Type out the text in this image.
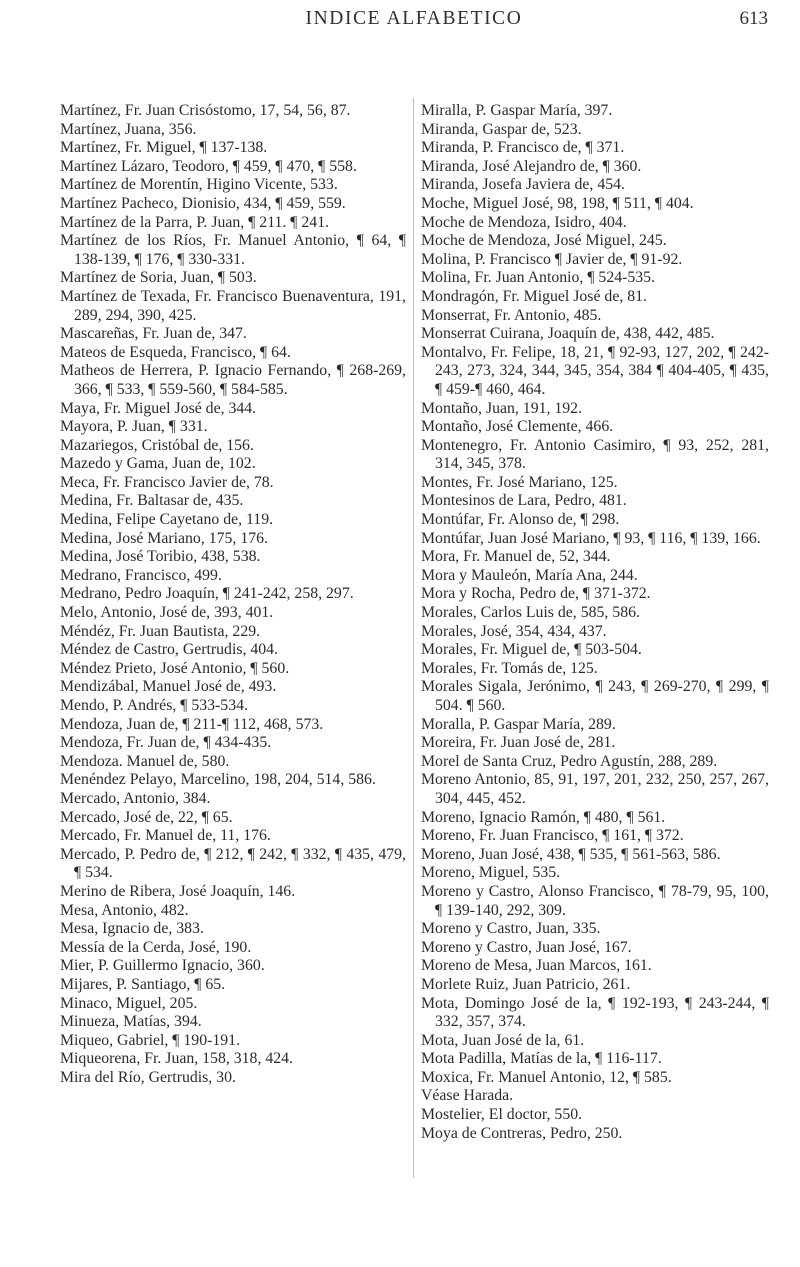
INDICE ALFABETICO	613

Martínez, Fr. Juan Crisóstomo, 17, 54, 56, 87.

Martínez, Juana, 356.

Martínez, Fr. Miguel, ¶ 137-138.

Martínez Lázaro, Teodoro, ¶ 459, ¶ 470, ¶ 558.

Martínez de Morentín, Higino Vicente, 533.

Martínez Pacheco, Dionisio, 434, ¶ 459, 559.

Martínez de la Parra, P. Juan, ¶ 211. ¶ 241.

Martínez de los Ríos, Fr. Manuel Antonio, ¶ 64, ¶ 138-139, ¶ 176, ¶ 330-331.

Martínez de Soria, Juan, ¶ 503.

Martínez de Texada, Fr. Francisco Buenaventura, 191, 289, 294, 390, 425.

Mascareñas, Fr. Juan de, 347.

Mateos de Esqueda, Francisco, ¶ 64.

Matheos de Herrera, P. Ignacio Fernando, ¶ 268-269, 366, ¶ 533, ¶ 559-560, ¶ 584-585.

Maya, Fr. Miguel José de, 344.

Mayora, P. Juan, ¶ 331.

Mazariegos, Cristóbal de, 156.

Mazedo y Gama, Juan de, 102.

Meca, Fr. Francisco Javier de, 78.

Medina, Fr. Baltasar de, 435.

Medina, Felipe Cayetano de, 119.

Medina, José Mariano, 175, 176.

Medina, José Toribio, 438, 538.

Medrano, Francisco, 499.

Medrano, Pedro Joaquín, ¶ 241-242, 258, 297.

Melo, Antonio, José de, 393, 401.

Méndéz, Fr. Juan Bautista, 229.

Méndez de Castro, Gertrudis, 404.

Méndez Prieto, José Antonio, ¶ 560.

Mendizábal, Manuel José de, 493.

Mendo, P. Andrés, ¶ 533-534.

Mendoza, Juan de, ¶ 211-¶ 112, 468, 573.

Mendoza, Fr. Juan de, ¶ 434-435.

Mendoza. Manuel de, 580.

Menéndez Pelayo, Marcelino, 198, 204, 514, 586.

Mercado, Antonio, 384.

Mercado, José de, 22, ¶ 65.

Mercado, Fr. Manuel de, 11, 176.

Mercado, P. Pedro de, ¶ 212, ¶ 242, ¶ 332, ¶ 435, 479, ¶ 534.

Merino de Ribera, José Joaquín, 146.

Mesa, Antonio, 482.

Mesa, Ignacio de, 383.

Messía de la Cerda, José, 190.

Mier, P. Guillermo Ignacio, 360.

Mijares, P. Santiago, ¶ 65.

Minaco, Miguel, 205.

Minueza, Matías, 394.

Miqueo, Gabriel, ¶ 190-191.

Miqueorena, Fr. Juan, 158, 318, 424.

Mira del Río, Gertrudis, 30.

Miralla, P. Gaspar María, 397.

Miranda, Gaspar de, 523.

Miranda, P. Francisco de, ¶ 371.

Miranda, José Alejandro de, ¶ 360.

Miranda, Josefa Javiera de, 454.

Moche, Miguel José, 98, 198, ¶ 511, ¶ 404.

Moche de Mendoza, Isidro, 404.

Moche de Mendoza, José Miguel, 245.

Molina, P. Francisco ¶ Javier de, ¶ 91-92.

Molina, Fr. Juan Antonio, ¶ 524-535.

Mondragón, Fr. Miguel José de, 81.

Monserrat, Fr. Antonio, 485.

Monserrat Cuirana, Joaquín de, 438, 442, 485.

Montalvo, Fr. Felipe, 18, 21, ¶ 92-93, 127, 202, ¶ 242-243, 273, 324, 344, 345, 354, 384 ¶ 404-405, ¶ 435, ¶ 459-¶ 460, 464.

Montaño, Juan, 191, 192.

Montaño, José Clemente, 466.

Montenegro, Fr. Antonio Casimiro, ¶ 93, 252, 281, 314, 345, 378.

Montes, Fr. José Mariano, 125.

Montesinos de Lara, Pedro, 481.

Montúfar, Fr. Alonso de, ¶ 298.

Montúfar, Juan José Mariano, ¶ 93, ¶ 116, ¶ 139, 166.

Mora, Fr. Manuel de, 52, 344.

Mora y Mauleón, María Ana, 244.

Mora y Rocha, Pedro de, ¶ 371-372.

Morales, Carlos Luis de, 585, 586.

Morales, José, 354, 434, 437.

Morales, Fr. Miguel de, ¶ 503-504.

Morales, Fr. Tomás de, 125.

Morales Sigala, Jerónimo, ¶ 243, ¶ 269-270, ¶ 299, ¶ 504. ¶ 560.

Moralla, P. Gaspar María, 289.

Moreira, Fr. Juan José de, 281.

Morel de Santa Cruz, Pedro Agustín, 288, 289.

Moreno Antonio, 85, 91, 197, 201, 232, 250, 257, 267, 304, 445, 452.

Moreno, Ignacio Ramón, ¶ 480, ¶ 561.

Moreno, Fr. Juan Francisco, ¶ 161, ¶ 372.

Moreno, Juan José, 438, ¶ 535, ¶ 561-563, 586.

Moreno, Miguel, 535.

Moreno y Castro, Alonso Francisco, ¶ 78-79, 95, 100, ¶ 139-140, 292, 309.

Moreno y Castro, Juan, 335.

Moreno y Castro, Juan José, 167.

Moreno de Mesa, Juan Marcos, 161.

Morlete Ruiz, Juan Patricio, 261.

Mota, Domingo José de la, ¶ 192-193, ¶ 243-244, ¶ 332, 357, 374.

Mota, Juan José de la, 61.

Mota Padilla, Matías de la, ¶ 116-117.

Moxica, Fr. Manuel Antonio, 12, ¶ 585.

Véase Harada.

Mostelier, El doctor, 550.

Moya de Contreras, Pedro, 250.
